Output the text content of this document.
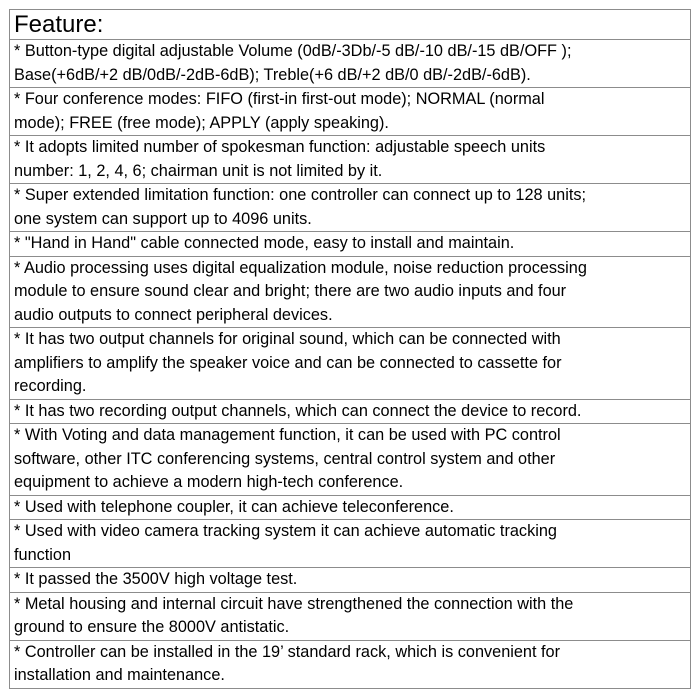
Feature:

* Button-type digital adjustable Volume (0dB/-3Db/-5 dB/-10 dB/-15 dB/OFF );
Base(+6dB/+2 dB/0dB/-2dB-6dB); Treble(+6 dB/+2 dB/0 dB/-2dB/-6dB).

* Four conference modes: FIFO (first-in first-out mode); NORMAL (normal
mode); FREE (free mode); APPLY (apply speaking).

* It adopts limited number of spokesman function: adjustable speech units
number: 1, 2, 4, 6; chairman unit is not limited by it.

* Super extended limitation function: one controller can connect up to 128 units;
one system can support up to 4096 units.

* "Hand in Hand" cable connected mode, easy to install and maintain.

* Audio processing uses digital equalization module, noise reduction processing
module to ensure sound clear and bright; there are two audio inputs and four
audio outputs to connect peripheral devices.

* It has two output channels for original sound, which can be connected with
amplifiers to amplify the speaker voice and can be connected to cassette for
recording.

* It has two recording output channels, which can connect the device to record.

* With Voting and data management function, it can be used with PC control
software, other ITC conferencing systems, central control system and other
equipment to achieve a modern high-tech conference.

* Used with telephone coupler, it can achieve teleconference.

* Used with video camera tracking system it can achieve automatic tracking
function

* It passed the 3500V high voltage test.

* Metal housing and internal circuit have strengthened the connection with the
ground to ensure the 8000V antistatic.

* Controller can be installed in the 19’ standard rack, which is convenient for
installation and maintenance.
